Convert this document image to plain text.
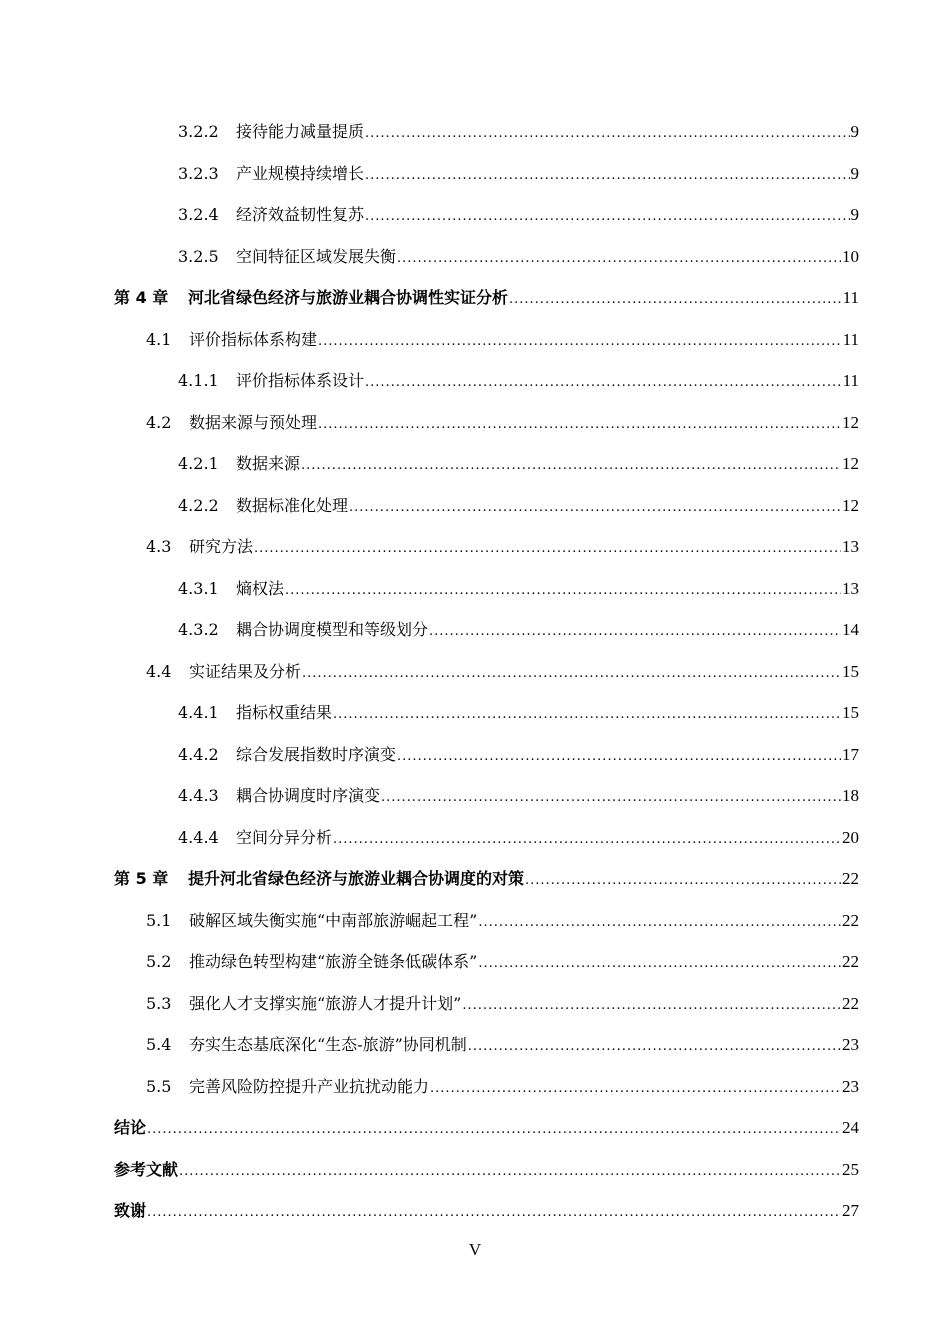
3.2.2	接待能力减量提质 .....	9
3.2.3	产业规模持续增长 .....	9
3.2.4	经济效益韧性复苏 .....	9
3.2.5	空间特征区域发展失衡 .....	10
第 4 章	河北省绿色经济与旅游业耦合协调性实证分析 .....	11
4.1	评价指标体系构建 .....	11
4.1.1	评价指标体系设计 .....	11
4.2	数据来源与预处理 .....	12
4.2.1	数据来源 .....	12
4.2.2	数据标准化处理 .....	12
4.3	研究方法 .....	13
4.3.1	熵权法 .....	13
4.3.2	耦合协调度模型和等级划分 .....	14
4.4	实证结果及分析 .....	15
4.4.1	指标权重结果 .....	15
4.4.2	综合发展指数时序演变 .....	17
4.4.3	耦合协调度时序演变 .....	18
4.4.4	空间分异分析 .....	20
第 5 章	提升河北省绿色经济与旅游业耦合协调度的对策 .....	22
5.1	破解区域失衡实施“中南部旅游崛起工程” .....	22
5.2	推动绿色转型构建“旅游全链条低碳体系” .....	22
5.3	强化人才支撑实施“旅游人才提升计划” .....	22
5.4	夯实生态基底深化“生态-旅游”协同机制 .....	23
5.5	完善风险防控提升产业抗扰动能力 .....	23
结论 .....	24
参考文献 .....	25
致谢 .....	27
V
